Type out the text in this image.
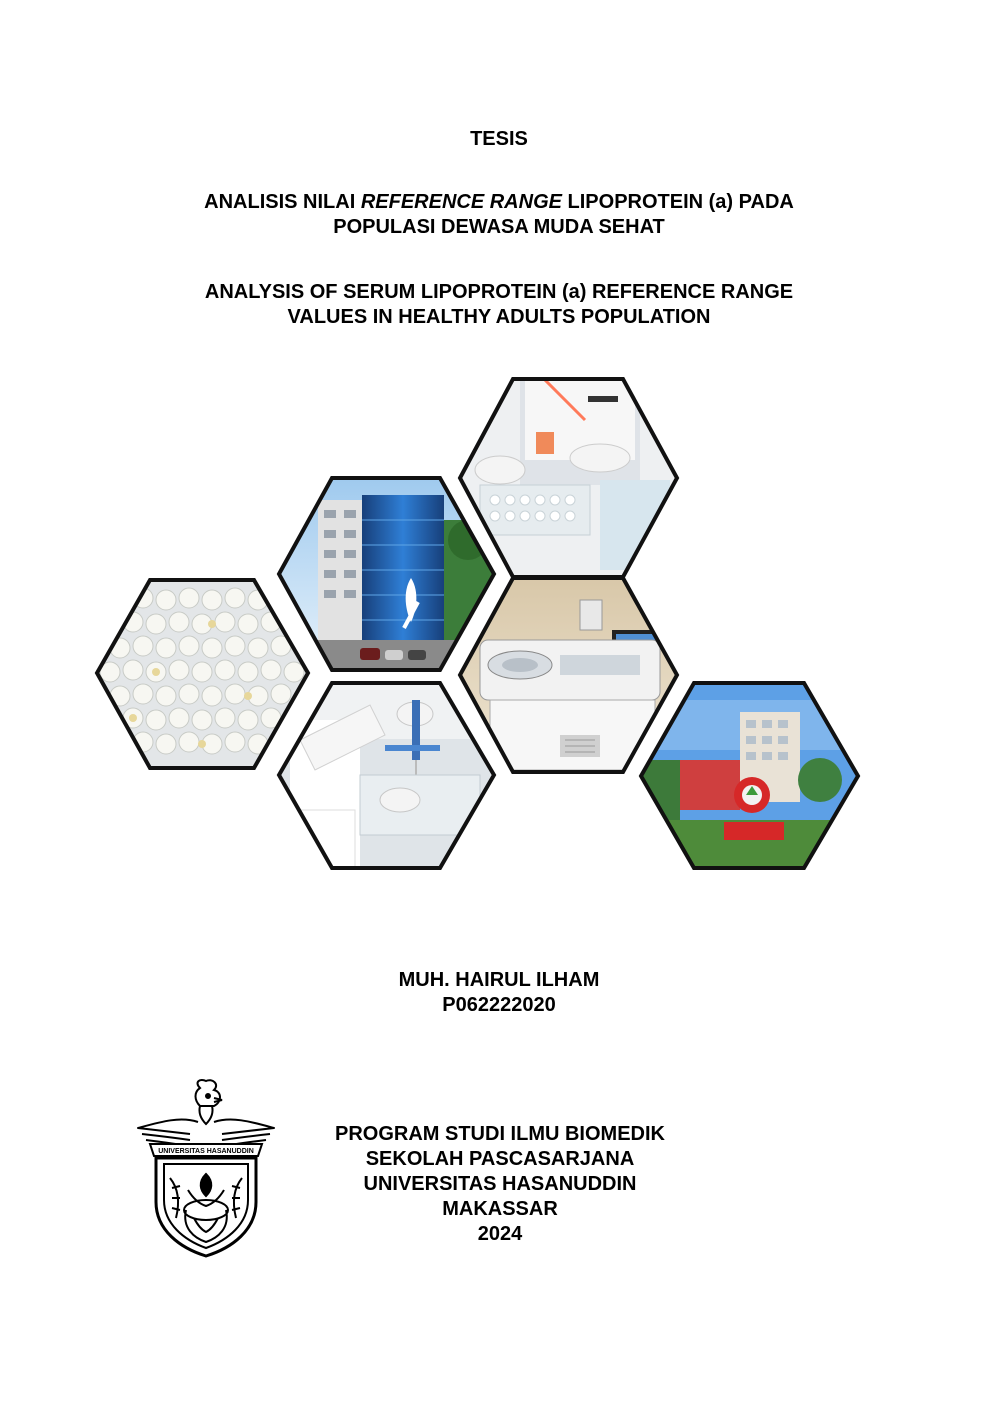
TESIS
ANALISIS NILAI REFERENCE RANGE LIPOPROTEIN (a) PADA
POPULASI DEWASA MUDA SEHAT
ANALYSIS OF SERUM LIPOPROTEIN (a) REFERENCE RANGE
VALUES IN HEALTHY ADULTS POPULATION
MUH. HAIRUL ILHAM
P062222020
UNIVERSITAS HASANUDDIN
PROGRAM STUDI ILMU BIOMEDIK
SEKOLAH PASCASARJANA
UNIVERSITAS HASANUDDIN
MAKASSAR
2024
